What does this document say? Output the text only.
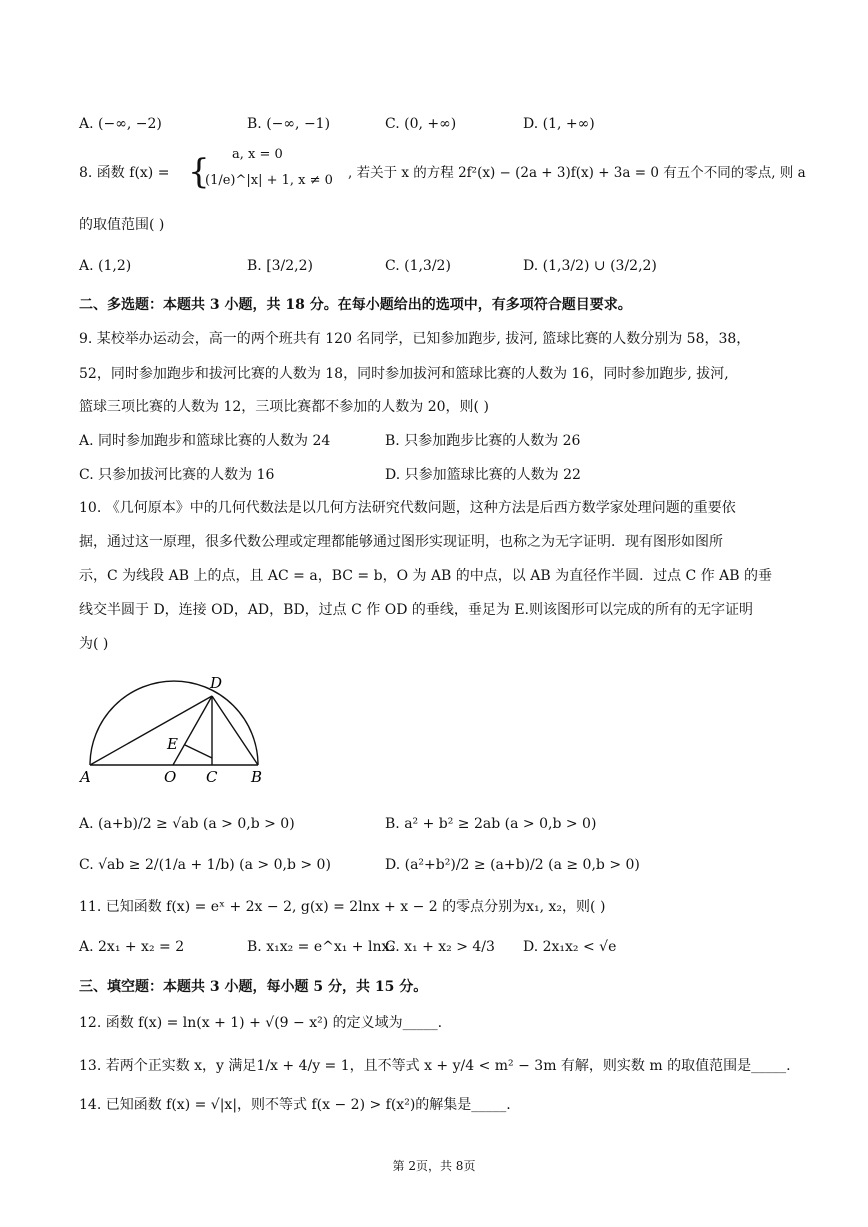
A. (−∞, −2)	B. (−∞, −1)	C. (0, +∞)	D. (1, +∞)
8. 函数 f(x) = { a, x = 0
(1/e)^|x| + 1, x ≠ 0 , 若关于 x 的方程 2f²(x) − (2a + 3)f(x) + 3a = 0 有五个不同的零点, 则 a
的取值范围( )
A. (1,2)	B. [3/2,2)	C. (1,3/2)	D. (1,3/2) ∪ (3/2,2)
二、多选题：本题共 3 小题，共 18 分。在每小题给出的选项中，有多项符合题目要求。
9. 某校举办运动会，高一的两个班共有 120 名同学，已知参加跑步, 拔河, 篮球比赛的人数分别为 58，38，
52，同时参加跑步和拔河比赛的人数为 18，同时参加拔河和篮球比赛的人数为 16，同时参加跑步, 拔河,
篮球三项比赛的人数为 12，三项比赛都不参加的人数为 20，则( )
A. 同时参加跑步和篮球比赛的人数为 24	B. 只参加跑步比赛的人数为 26
C. 只参加拔河比赛的人数为 16	D. 只参加篮球比赛的人数为 22
10. 《几何原本》中的几何代数法是以几何方法研究代数问题，这种方法是后西方数学家处理问题的重要依
据，通过这一原理，很多代数公理或定理都能够通过图形实现证明，也称之为无字证明．现有图形如图所
示，C 为线段 AB 上的点，且 AC = a，BC = b，O 为 AB 的中点，以 AB 为直径作半圆．过点 C 作 AB 的垂
线交半圆于 D，连接 OD，AD，BD，过点 C 作 OD 的垂线，垂足为 E.则该图形可以完成的所有的无字证明
为( )
A	O C B
D
E
A. (a+b)/2 ≥ √ab (a > 0,b > 0)	B. a² + b² ≥ 2ab (a > 0,b > 0)
C. √ab ≥ 2/(1/a + 1/b) (a > 0,b > 0)	D. (a²+b²)/2 ≥ (a+b)/2 (a ≥ 0,b > 0)
11. 已知函数 f(x) = eˣ + 2x − 2, g(x) = 2lnx + x − 2 的零点分别为x₁, x₂，则( )
A. 2x₁ + x₂ = 2	B. x₁x₂ = e^x₁ + lnx₂
C. x₁ + x₂ > 4/3 D. 2x₁x₂ < √e
三、填空题：本题共 3 小题，每小题 5 分，共 15 分。
12. 函数 f(x) = ln(x + 1) + √(9 − x²) 的定义域为_____.
13. 若两个正实数 x，y 满足1/x + 4/y = 1，且不等式 x + y/4 < m² − 3m 有解，则实数 m 的取值范围是_____.
14. 已知函数 f(x) = √|x|，则不等式 f(x − 2) > f(x²)的解集是_____.
第 2页，共 8页
